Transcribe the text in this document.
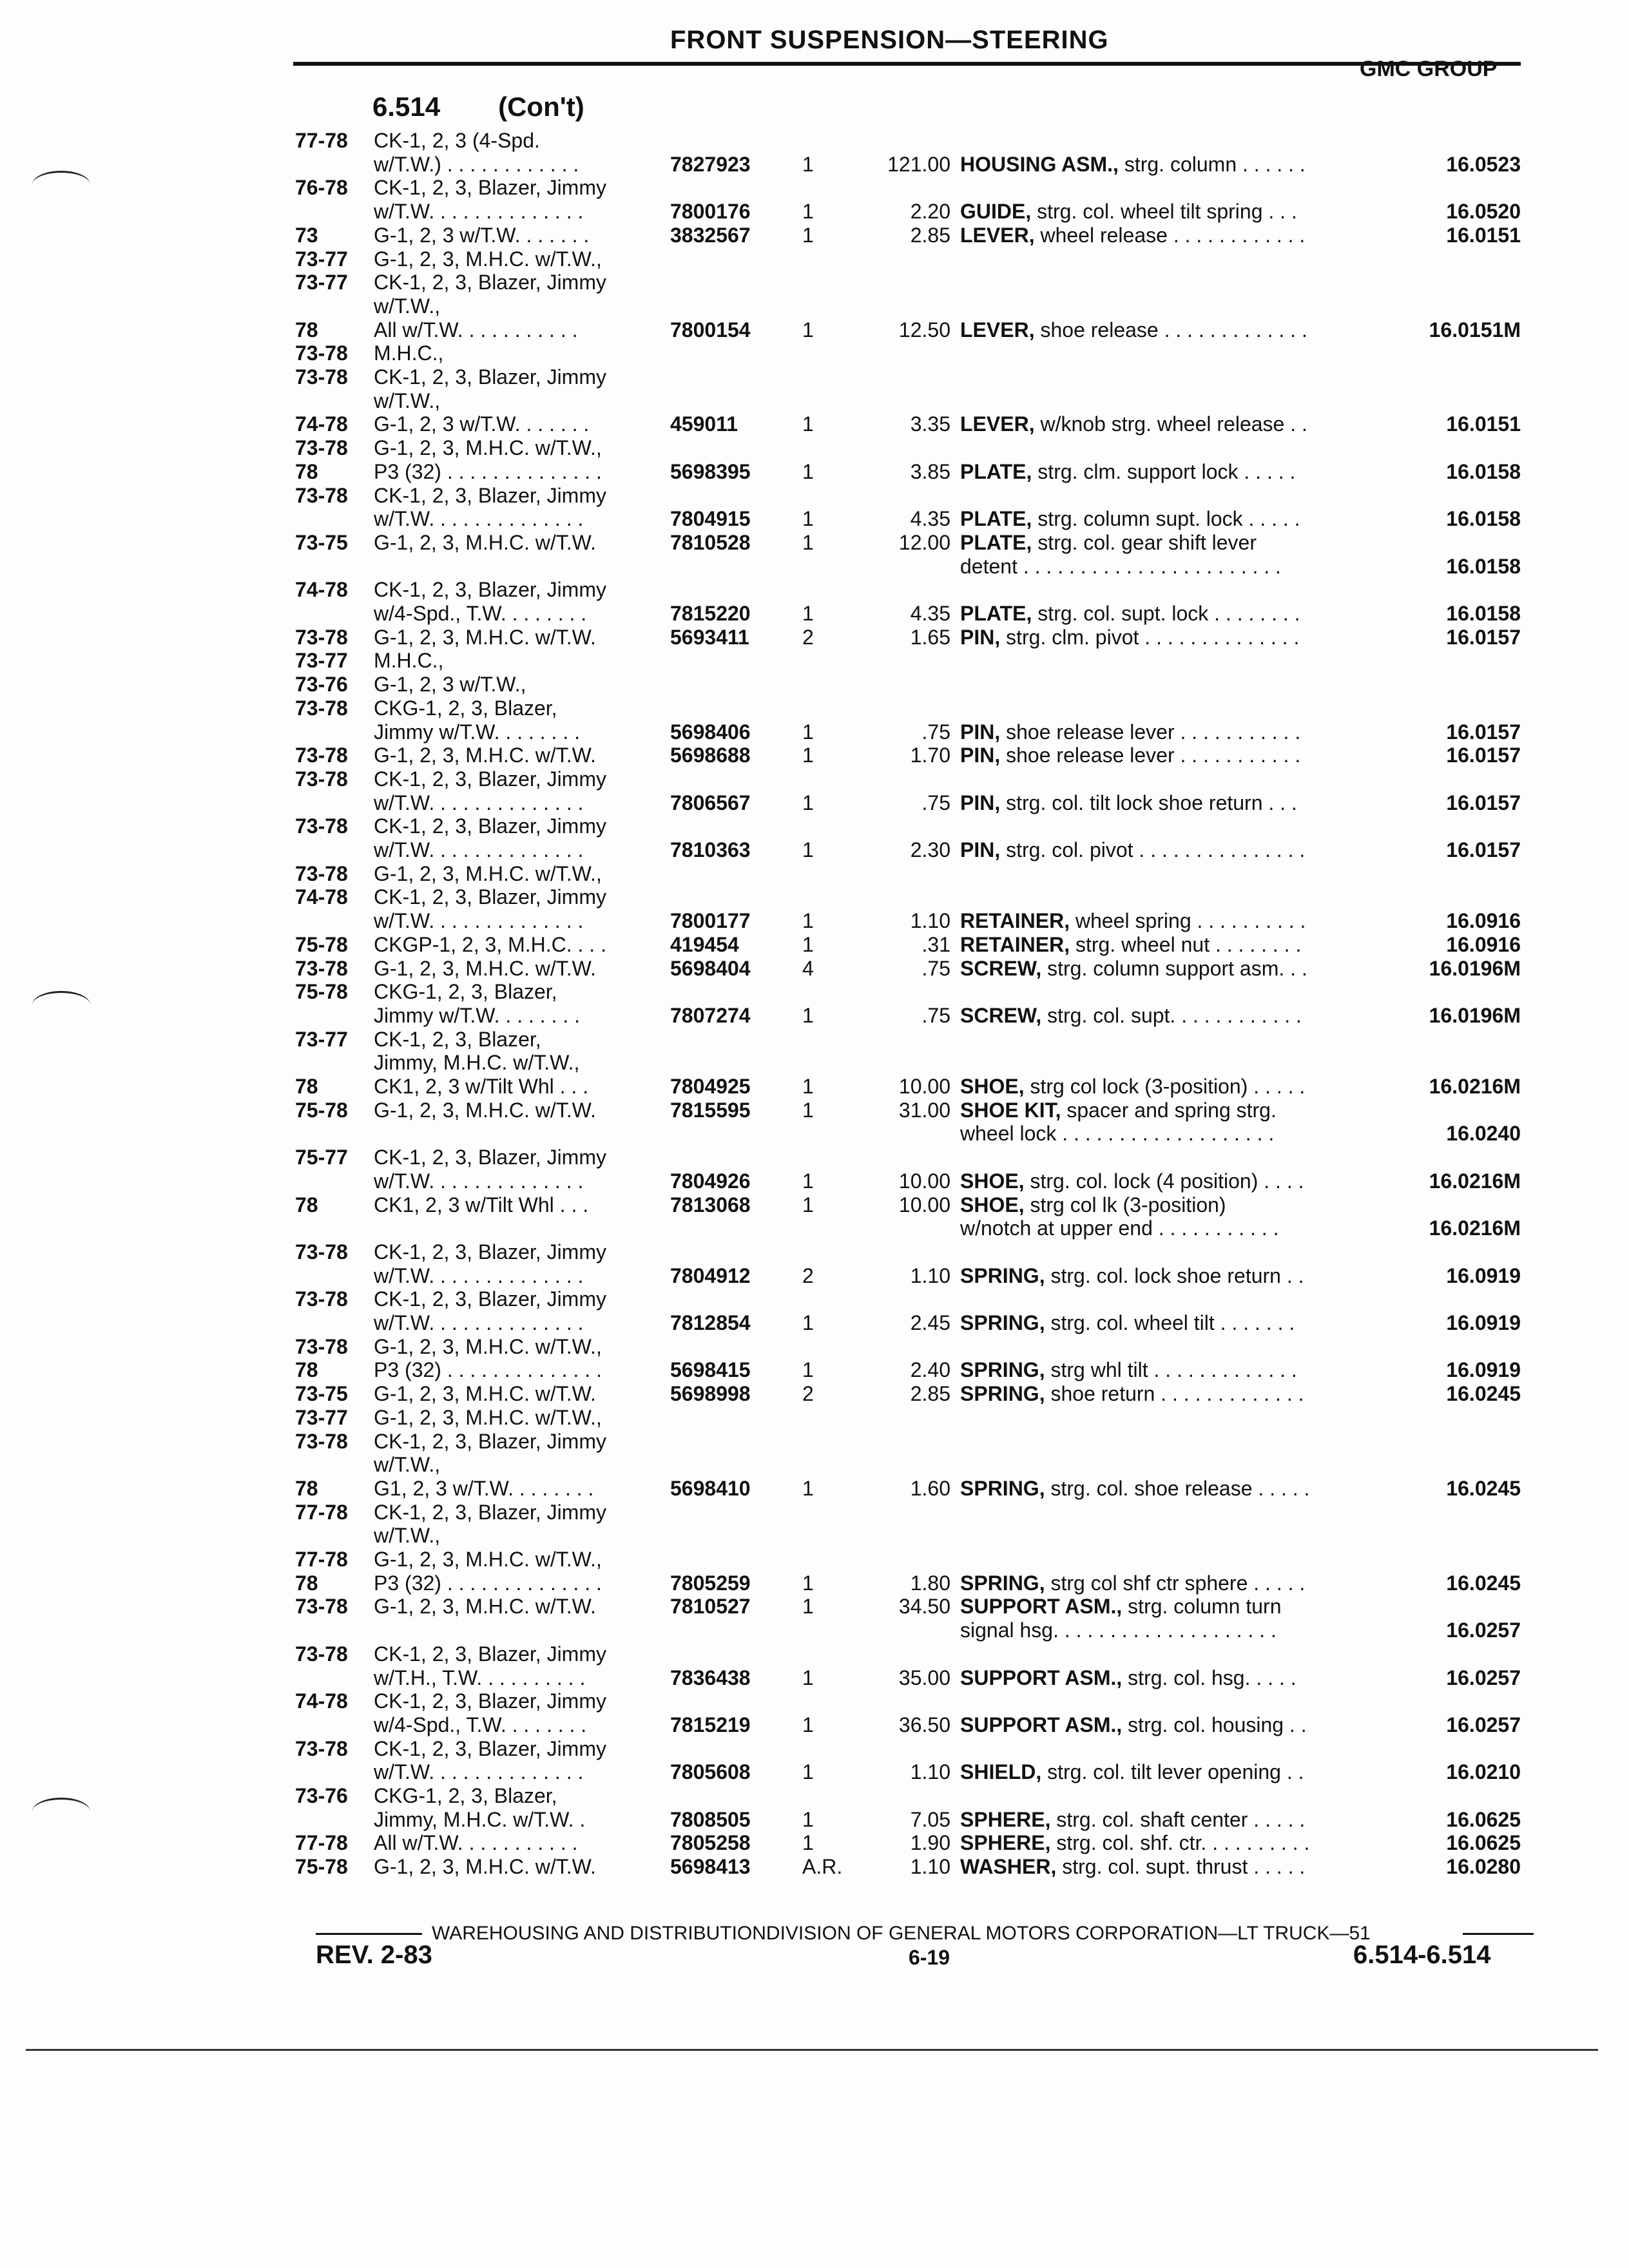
FRONT SUSPENSION—STEERING
GMC GROUP
6.514 (Con't)
77-78 CK-1, 2, 3 (4-Spd.
w/T.W.) . . . . . . . . . . . .	7827923	1	121.00 HOUSING ASM., strg. column . . . . . .	16.0523
76-78 CK-1, 2, 3, Blazer, Jimmy
w/T.W. . . . . . . . . . . . . .	7800176	1	2.20 GUIDE, strg. col. wheel tilt spring . . .	16.0520
73	G-1, 2, 3 w/T.W. . . . . . .	3832567	1	2.85 LEVER, wheel release . . . . . . . . . . . .	16.0151
73-77 G-1, 2, 3, M.H.C. w/T.W.,
73-77 CK-1, 2, 3, Blazer, Jimmy
w/T.W.,
78	All w/T.W. . . . . . . . . . .	7800154	1	12.50 LEVER, shoe release . . . . . . . . . . . . .	16.0151M
73-78 M.H.C.,
73-78 CK-1, 2, 3, Blazer, Jimmy
w/T.W.,
74-78 G-1, 2, 3 w/T.W. . . . . . .	459011	1	3.35 LEVER, w/knob strg. wheel release . .	16.0151
73-78 G-1, 2, 3, M.H.C. w/T.W.,
78	P3 (32) . . . . . . . . . . . . . .	5698395	1	3.85 PLATE, strg. clm. support lock . . . . .	16.0158
73-78 CK-1, 2, 3, Blazer, Jimmy
w/T.W. . . . . . . . . . . . . .	7804915	1	4.35 PLATE, strg. column supt. lock . . . . .	16.0158
73-75 G-1, 2, 3, M.H.C. w/T.W.	7810528	1	12.00 PLATE, strg. col. gear shift lever
detent . . . . . . . . . . . . . . . . . . . . . . .	16.0158
74-78 CK-1, 2, 3, Blazer, Jimmy
w/4-Spd., T.W. . . . . . . .	7815220	1	4.35 PLATE, strg. col. supt. lock . . . . . . . .	16.0158
73-78 G-1, 2, 3, M.H.C. w/T.W.	5693411	2	1.65 PIN, strg. clm. pivot . . . . . . . . . . . . . .	16.0157
73-77 M.H.C.,
73-76 G-1, 2, 3 w/T.W.,
73-78 CKG-1, 2, 3, Blazer,
Jimmy w/T.W. . . . . . . .	5698406	1	.75 PIN, shoe release lever . . . . . . . . . . .	16.0157
73-78 G-1, 2, 3, M.H.C. w/T.W.	5698688	1	1.70 PIN, shoe release lever . . . . . . . . . . .	16.0157
73-78 CK-1, 2, 3, Blazer, Jimmy
w/T.W. . . . . . . . . . . . . .	7806567	1	.75 PIN, strg. col. tilt lock shoe return . . .	16.0157
73-78 CK-1, 2, 3, Blazer, Jimmy
w/T.W. . . . . . . . . . . . . .	7810363	1	2.30 PIN, strg. col. pivot . . . . . . . . . . . . . . .	16.0157
73-78 G-1, 2, 3, M.H.C. w/T.W.,
74-78 CK-1, 2, 3, Blazer, Jimmy
w/T.W. . . . . . . . . . . . . .	7800177	1	1.10 RETAINER, wheel spring . . . . . . . . . .	16.0916
75-78 CKGP-1, 2, 3, M.H.C. . . .	419454	1	.31 RETAINER, strg. wheel nut . . . . . . . .	16.0916
73-78 G-1, 2, 3, M.H.C. w/T.W.	5698404	4	.75 SCREW, strg. column support asm. . .	16.0196M
75-78 CKG-1, 2, 3, Blazer,
Jimmy w/T.W. . . . . . . .	7807274	1	.75 SCREW, strg. col. supt. . . . . . . . . . . .	16.0196M
73-77 CK-1, 2, 3, Blazer,
Jimmy, M.H.C. w/T.W.,
78	CK1, 2, 3 w/Tilt Whl . . .	7804925	1	10.00 SHOE, strg col lock (3-position) . . . . .	16.0216M
75-78 G-1, 2, 3, M.H.C. w/T.W.	7815595	1	31.00 SHOE KIT, spacer and spring strg.
wheel lock . . . . . . . . . . . . . . . . . . .	16.0240
75-77 CK-1, 2, 3, Blazer, Jimmy
w/T.W. . . . . . . . . . . . . .	7804926	1	10.00 SHOE, strg. col. lock (4 position) . . . .	16.0216M
78	CK1, 2, 3 w/Tilt Whl . . .	7813068	1	10.00 SHOE, strg col lk (3-position)
w/notch at upper end . . . . . . . . . . .	16.0216M
73-78 CK-1, 2, 3, Blazer, Jimmy
w/T.W. . . . . . . . . . . . . .	7804912	2	1.10 SPRING, strg. col. lock shoe return . .	16.0919
73-78 CK-1, 2, 3, Blazer, Jimmy
w/T.W. . . . . . . . . . . . . .	7812854	1	2.45 SPRING, strg. col. wheel tilt . . . . . . .	16.0919
73-78 G-1, 2, 3, M.H.C. w/T.W.,
78	P3 (32) . . . . . . . . . . . . . .	5698415	1	2.40 SPRING, strg whl tilt . . . . . . . . . . . . .	16.0919
73-75 G-1, 2, 3, M.H.C. w/T.W.	5698998	2	2.85 SPRING, shoe return . . . . . . . . . . . . .	16.0245
73-77 G-1, 2, 3, M.H.C. w/T.W.,
73-78 CK-1, 2, 3, Blazer, Jimmy
w/T.W.,
78	G1, 2, 3 w/T.W. . . . . . . .	5698410	1	1.60 SPRING, strg. col. shoe release . . . . .	16.0245
77-78 CK-1, 2, 3, Blazer, Jimmy
w/T.W.,
77-78 G-1, 2, 3, M.H.C. w/T.W.,
78	P3 (32) . . . . . . . . . . . . . .	7805259	1	1.80 SPRING, strg col shf ctr sphere . . . . .	16.0245
73-78 G-1, 2, 3, M.H.C. w/T.W.	7810527	1	34.50 SUPPORT ASM., strg. column turn
signal hsg. . . . . . . . . . . . . . . . . . . .	16.0257
73-78 CK-1, 2, 3, Blazer, Jimmy
w/T.H., T.W. . . . . . . . . .	7836438	1	35.00 SUPPORT ASM., strg. col. hsg. . . . .	16.0257
74-78 CK-1, 2, 3, Blazer, Jimmy
w/4-Spd., T.W. . . . . . . .	7815219	1	36.50 SUPPORT ASM., strg. col. housing . .	16.0257
73-78 CK-1, 2, 3, Blazer, Jimmy
w/T.W. . . . . . . . . . . . . .	7805608	1	1.10 SHIELD, strg. col. tilt lever opening . .	16.0210
73-76 CKG-1, 2, 3, Blazer,
Jimmy, M.H.C. w/T.W. .	7808505	1	7.05 SPHERE, strg. col. shaft center . . . . .	16.0625
77-78 All w/T.W. . . . . . . . . . .	7805258	1	1.90 SPHERE, strg. col. shf. ctr. . . . . . . . . .	16.0625
75-78 G-1, 2, 3, M.H.C. w/T.W.	5698413	A.R.	1.10 WASHER, strg. col. supt. thrust . . . . .	16.0280
WAREHOUSING AND DISTRIBUTIONDIVISION OF GENERAL MOTORS CORPORATION—LT TRUCK—51
REV. 2-83	6-19	6.514-6.514
